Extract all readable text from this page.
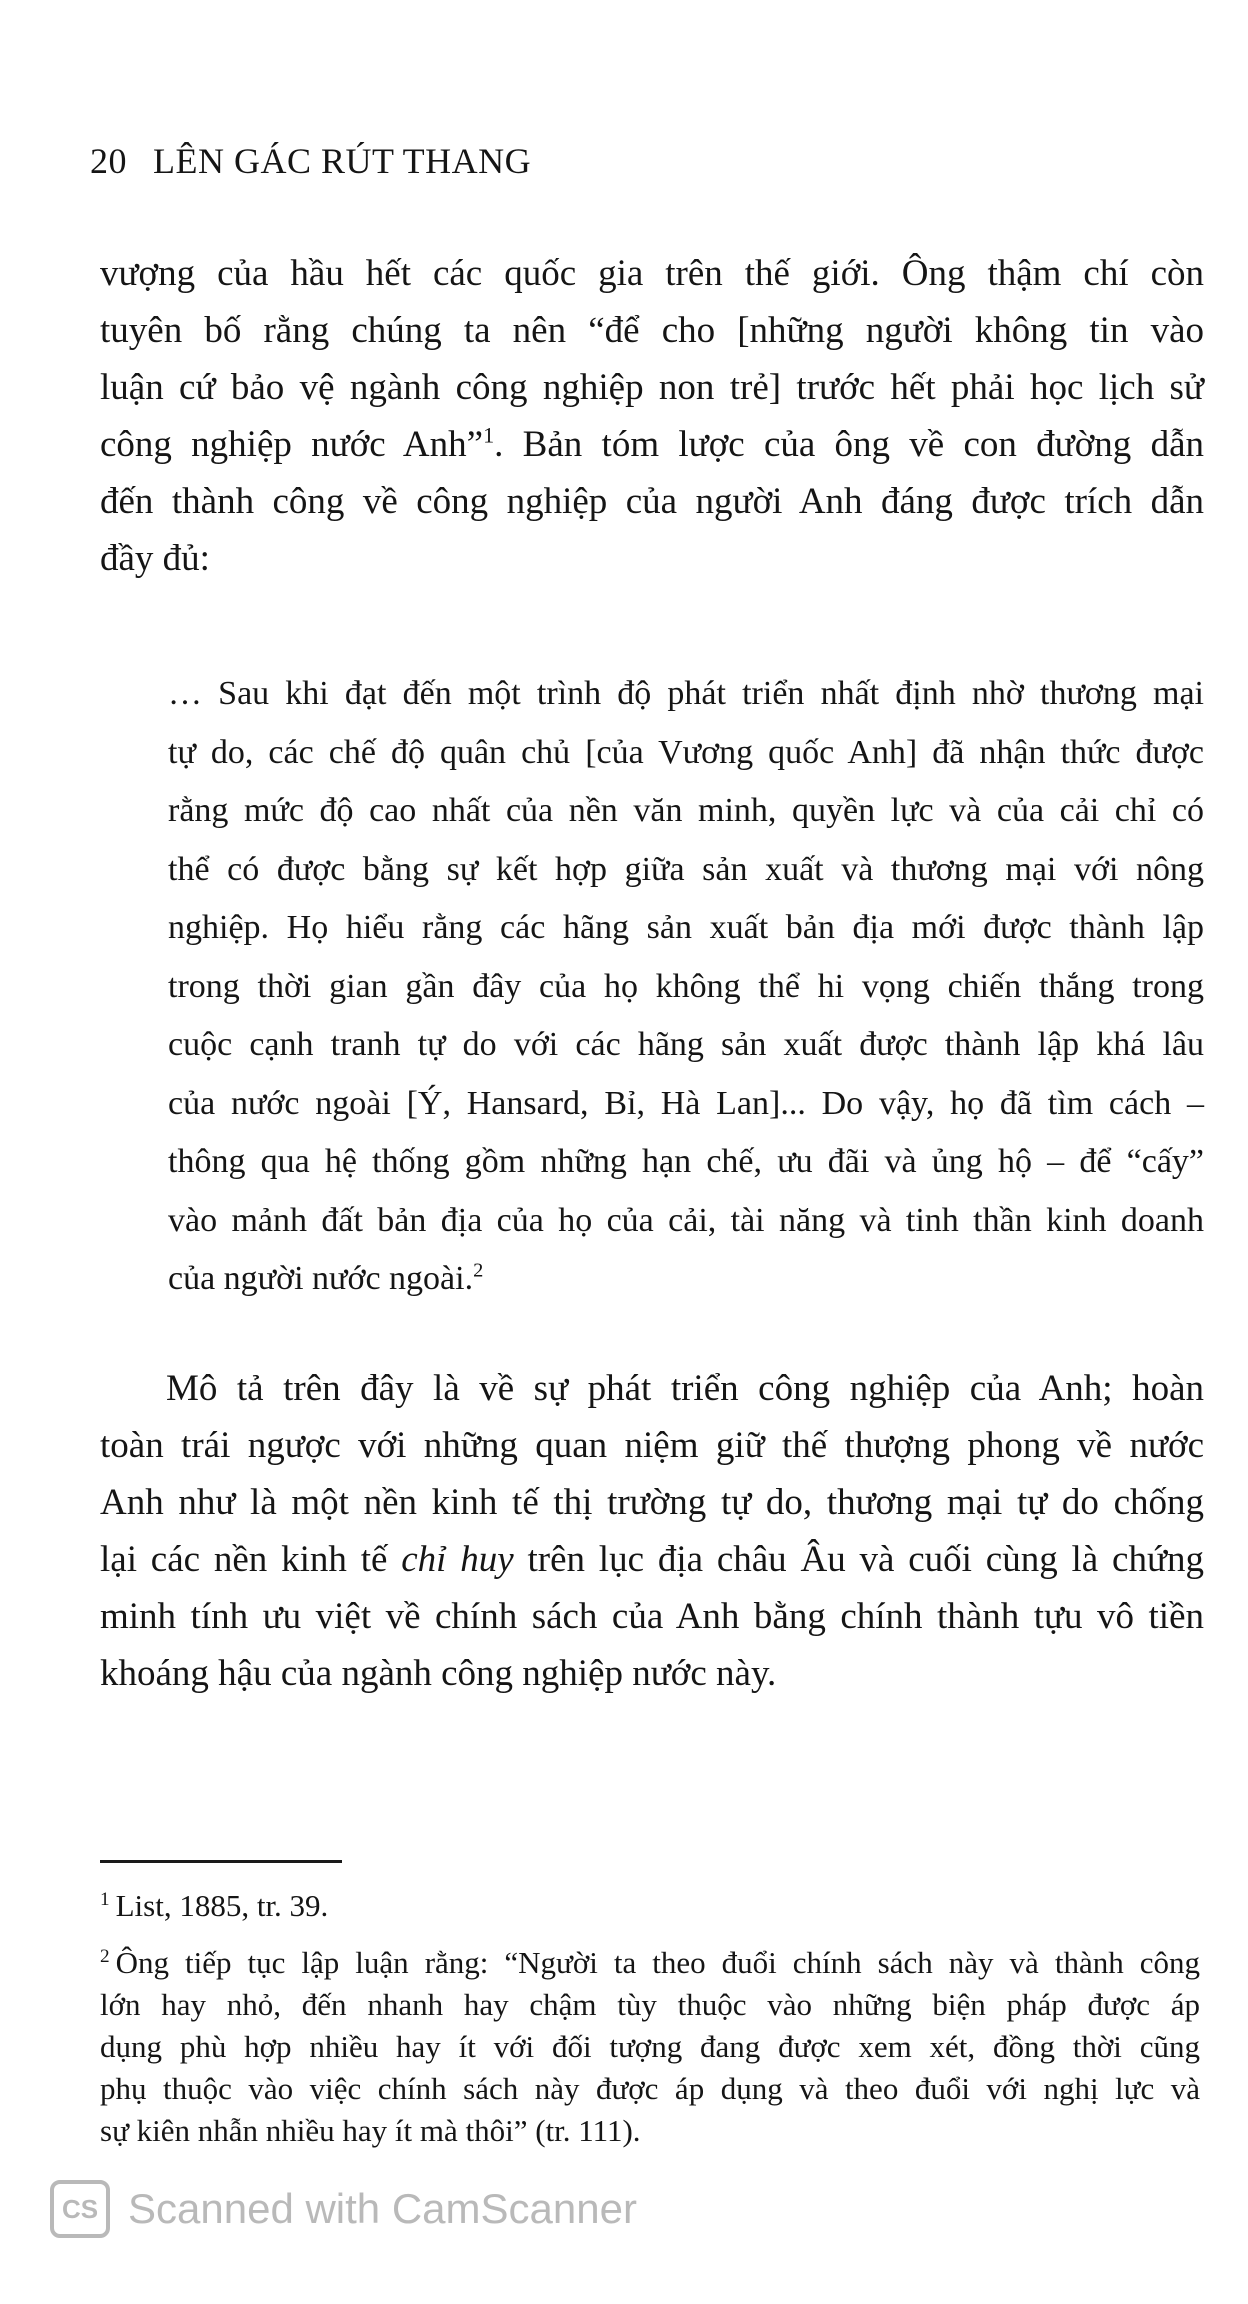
20 LÊN GÁC RÚT THANG

vượng của hầu hết các quốc gia trên thế giới. Ông thậm chí còn
tuyên bố rằng chúng ta nên “để cho [những người không tin vào
luận cứ bảo vệ ngành công nghiệp non trẻ] trước hết phải học lịch sử
công nghiệp nước Anh”$^1$. Bản tóm lược của ông về con đường dẫn
đến thành công về công nghiệp của người Anh đáng được trích dẫn
đầy đủ:

… Sau khi đạt đến một trình độ phát triển nhất định nhờ thương mại
tự do, các chế độ quân chủ [của Vương quốc Anh] đã nhận thức được
rằng mức độ cao nhất của nền văn minh, quyền lực và của cải chỉ có
thể có được bằng sự kết hợp giữa sản xuất và thương mại với nông
nghiệp. Họ hiểu rằng các hãng sản xuất bản địa mới được thành lập
trong thời gian gần đây của họ không thể hi vọng chiến thắng trong
cuộc cạnh tranh tự do với các hãng sản xuất được thành lập khá lâu
của nước ngoài [Ý, Hansard, Bỉ, Hà Lan]... Do vậy, họ đã tìm cách –
thông qua hệ thống gồm những hạn chế, ưu đãi và ủng hộ – để “cấy”
vào mảnh đất bản địa của họ của cải, tài năng và tinh thần kinh doanh
của người nước ngoài.$^2$

Mô tả trên đây là về sự phát triển công nghiệp của Anh; hoàn
toàn trái ngược với những quan niệm giữ thế thượng phong về nước
Anh như là một nền kinh tế thị trường tự do, thương mại tự do chống
lại các nền kinh tế chỉ huy trên lục địa châu Âu và cuối cùng là chứng
minh tính ưu việt về chính sách của Anh bằng chính thành tựu vô tiền
khoáng hậu của ngành công nghiệp nước này.

$^1$ List, 1885, tr. 39.
$^2$ Ông tiếp tục lập luận rằng: “Người ta theo đuổi chính sách này và thành công
lớn hay nhỏ, đến nhanh hay chậm tùy thuộc vào những biện pháp được áp
dụng phù hợp nhiều hay ít với đối tượng đang được xem xét, đồng thời cũng
phụ thuộc vào việc chính sách này được áp dụng và theo đuổi với nghị lực và
sự kiên nhẫn nhiều hay ít mà thôi” (tr. 111).
CS Scanned with CamScanner
